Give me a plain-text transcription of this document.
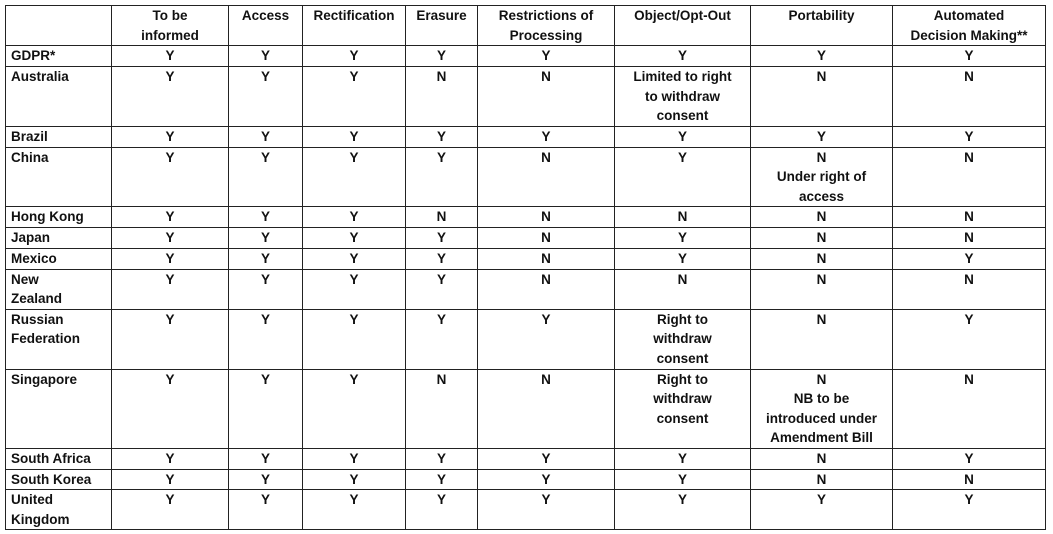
	To be
informed	Access	Rectification	Erasure	Restrictions of
Processing	Object/Opt-Out	Portability	Automated
Decision Making**

GDPR*	Y	Y	Y	Y	Y	Y	Y	Y

Australia	Y	Y	Y	N	N	Limited to right
to withdraw
consent	N	N

Brazil	Y	Y	Y	Y	Y	Y	Y	Y

China	Y	Y	Y	Y	N	Y	N
Under right of
access	N

Hong Kong	Y	Y	Y	N	N	N	N	N

Japan	Y	Y	Y	Y	N	Y	N	N

Mexico	Y	Y	Y	Y	N	Y	N	Y

New
Zealand	Y	Y	Y	Y	N	N	N	N

Russian
Federation	Y	Y	Y	Y	Y	Right to
withdraw
consent	N	Y

Singapore	Y	Y	Y	N	N	Right to
withdraw
consent	N
NB to be
introduced under
Amendment Bill	N

South Africa	Y	Y	Y	Y	Y	Y	N	Y

South Korea	Y	Y	Y	Y	Y	Y	N	N

United
Kingdom	Y	Y	Y	Y	Y	Y	Y	Y
